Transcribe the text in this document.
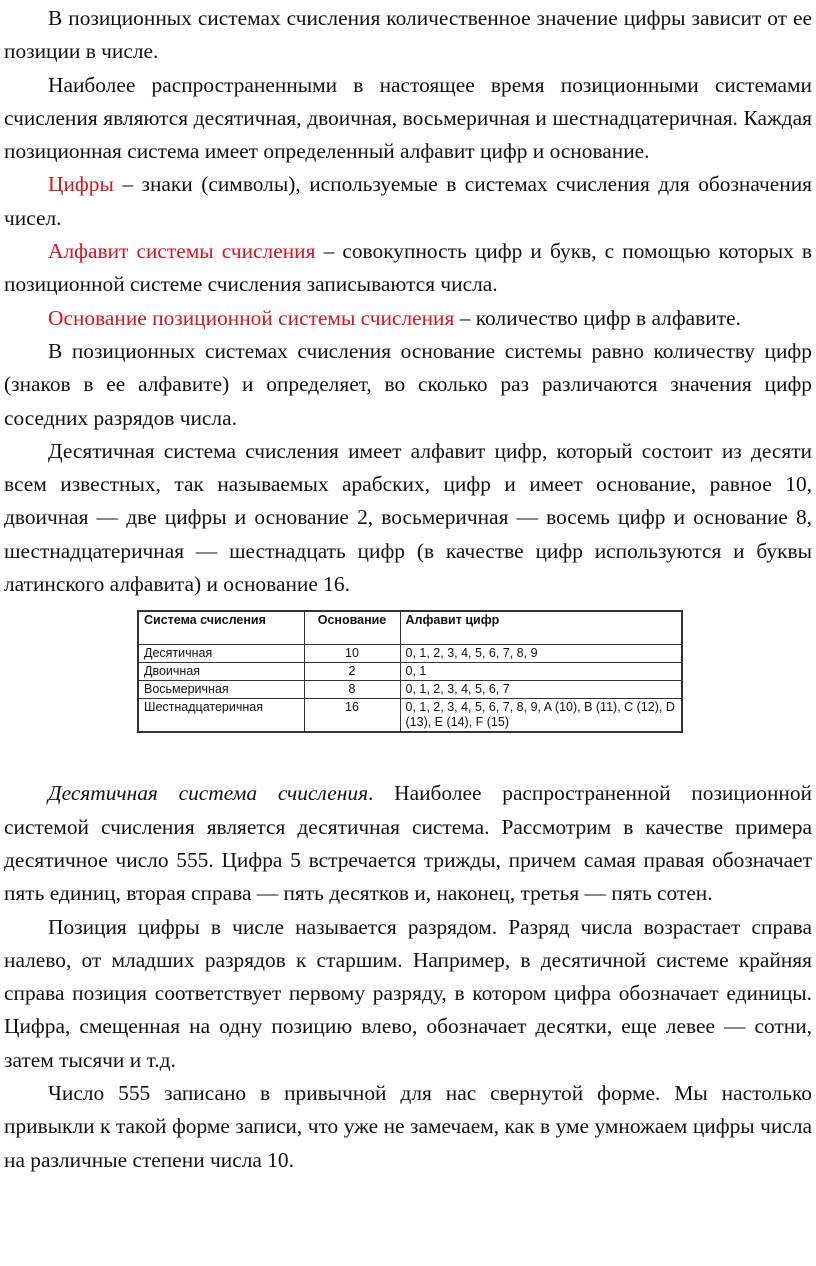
В позиционных системах счисления количественное значение цифры зависит от ее позиции в числе.

Наиболее распространенными в настоящее время позиционными системами счисления являются десятичная, двоичная, восьмеричная и шестнадцатеричная. Каждая позиционная система имеет определенный алфавит цифр и основание.

Цифры – знаки (символы), используемые в системах счисления для обозначения чисел.

Алфавит системы счисления – совокупность цифр и букв, с помощью которых в позиционной системе счисления записываются числа.

Основание позиционной системы счисления – количество цифр в алфавите.

В позиционных системах счисления основание системы равно количеству цифр (знаков в ее алфавите) и определяет, во сколько раз различаются значения цифр соседних разрядов числа.

Десятичная система счисления имеет алфавит цифр, который состоит из десяти всем известных, так называемых арабских, цифр и имеет основание, равное 10, двоичная — две цифры и основание 2, восьмеричная — восемь цифр и основание 8, шестнадцатеричная — шестнадцать цифр (в качестве цифр используются и буквы латинского алфавита) и основание 16.

Система счисления	Основание	Алфавит цифр
Десятичная	10	0, 1, 2, 3, 4, 5, 6, 7, 8, 9
Двоичная	2	0, 1
Восьмеричная	8	0, 1, 2, 3, 4, 5, 6, 7
Шестнадцатеричная	16	0, 1, 2, 3, 4, 5, 6, 7, 8, 9, A (10), B (11), C (12), D (13), E (14), F (15)

Десятичная система счисления. Наиболее распространенной позиционной системой счисления является десятичная система. Рассмотрим в качестве примера десятичное число 555. Цифра 5 встречается трижды, причем самая правая обозначает пять единиц, вторая справа — пять десятков и, наконец, третья — пять сотен.

Позиция цифры в числе называется разрядом. Разряд числа возрастает справа налево, от младших разрядов к старшим. Например, в десятичной системе крайняя справа позиция соответствует первому разряду, в котором цифра обозначает единицы. Цифра, смещенная на одну позицию влево, обозначает десятки, еще левее — сотни, затем тысячи и т.д.

Число 555 записано в привычной для нас свернутой форме. Мы настолько привыкли к такой форме записи, что уже не замечаем, как в уме умножаем цифры числа на различные степени числа 10.
